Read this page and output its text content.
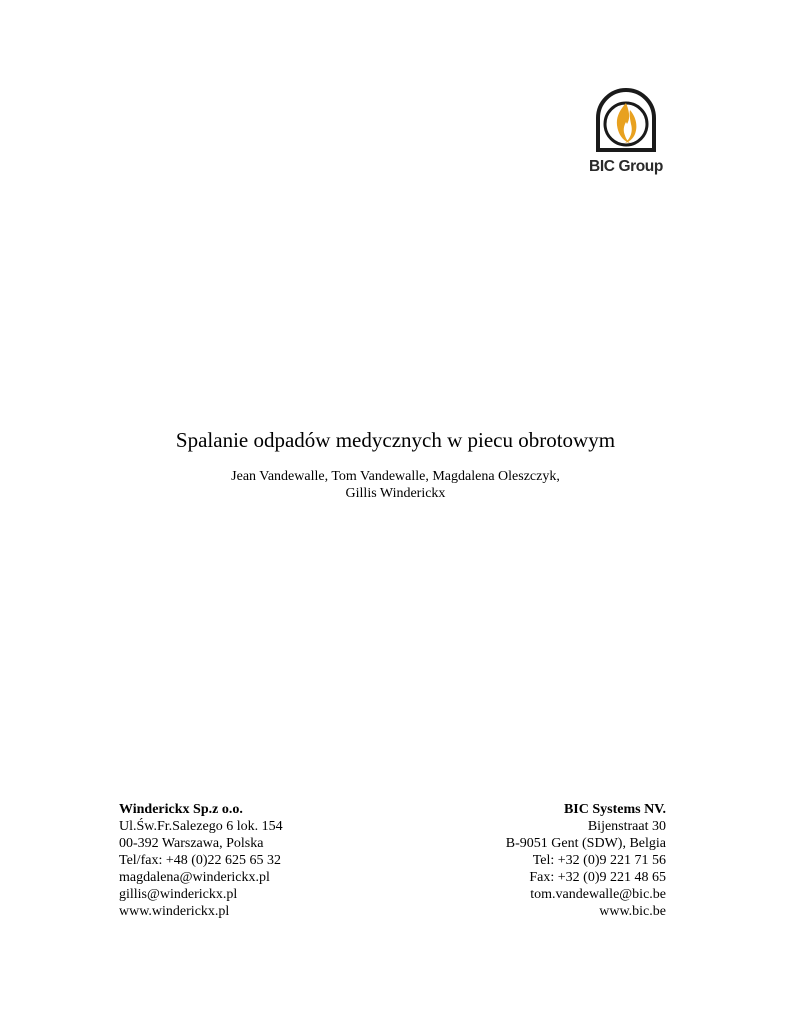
BIC Group
Spalanie odpadów medycznych w piecu obrotowym
Jean Vandewalle, Tom Vandewalle, Magdalena Oleszczyk,
Gillis Winderickx
Winderickx Sp.z o.o.
Ul.Św.Fr.Salezego 6 lok. 154
00-392 Warszawa, Polska
Tel/fax: +48 (0)22 625 65 32
magdalena@winderickx.pl
gillis@winderickx.pl
www.winderickx.pl
BIC Systems NV.
Bijenstraat 30
B-9051 Gent (SDW), Belgia
Tel: +32 (0)9 221 71 56
Fax: +32 (0)9 221 48 65
tom.vandewalle@bic.be
www.bic.be
